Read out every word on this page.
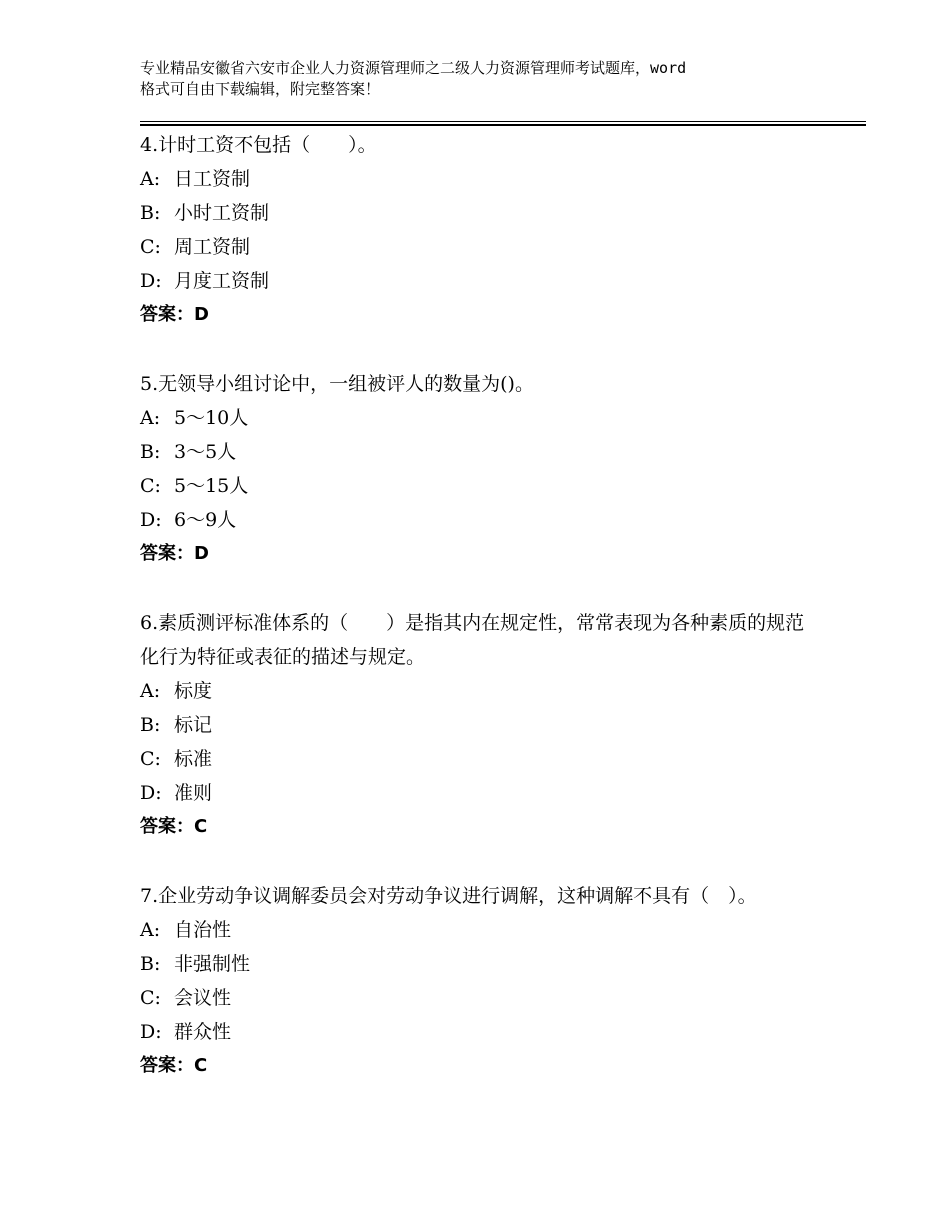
专业精品安徽省六安市企业人力资源管理师之二级人力资源管理师考试题库，word
格式可自由下载编辑，附完整答案！
4.计时工资不包括（　　）。
A: 日工资制
B: 小时工资制
C: 周工资制
D: 月度工资制
答案：D
5.无领导小组讨论中，一组被评人的数量为()。
A: 5～10人
B: 3～5人
C: 5～15人
D: 6～9人
答案：D
6.素质测评标准体系的（　　）是指其内在规定性，常常表现为各种素质的规范化行为特征或表征的描述与规定。
A: 标度
B: 标记
C: 标准
D: 准则
答案：C
7.企业劳动争议调解委员会对劳动争议进行调解，这种调解不具有（　）。
A: 自治性
B: 非强制性
C: 会议性
D: 群众性
答案：C
